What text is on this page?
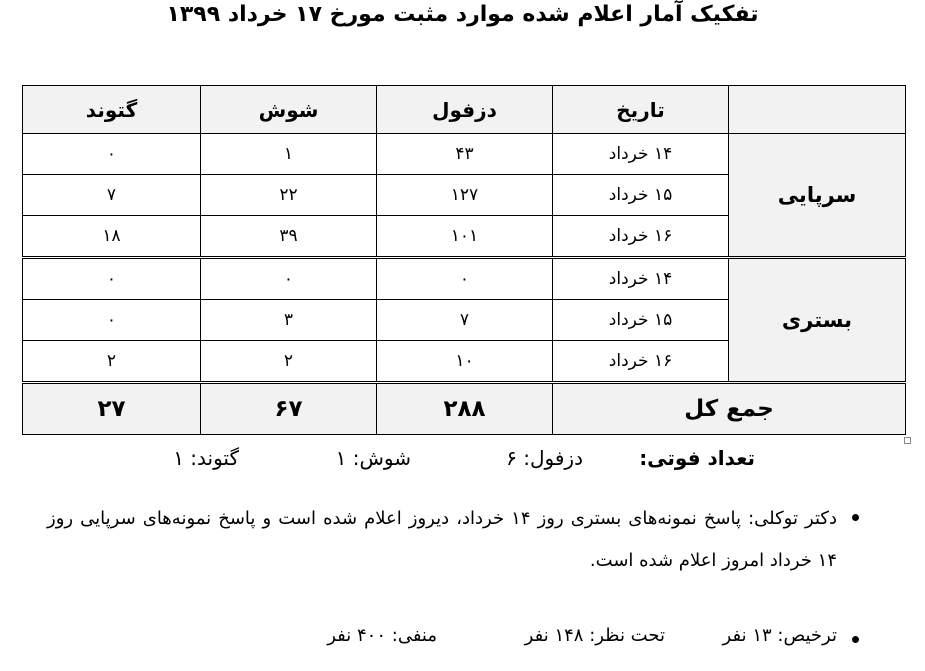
تفکیک آمار اعلام شده موارد مثبت مورخ ۱۷ خرداد ۱۳۹۹
	تاریخ	دزفول	شوش	گتوند
سرپایی	۱۴ خرداد	۴۳	۱	۰
	۱۵ خرداد	۱۲۷	۲۲	۷
	۱۶ خرداد	۱۰۱	۳۹	۱۸
بستری	۱۴ خرداد	۰	۰	۰
	۱۵ خرداد	۷	۳	۰
	۱۶ خرداد	۱۰	۲	۲
جمع کل		۲۸۸	۶۷	۲۷
تعداد فوتی:
دزفول: ۶
شوش: ۱
گتوند: ۱
دکتر توکلی: پاسخ نمونه‌های بستری روز ۱۴ خرداد، دیروز اعلام شده است و پاسخ نمونه‌های سرپایی روز ۱۴ خرداد امروز اعلام شده است.
ترخیص: ۱۳ نفر
تحت نظر: ۱۴۸ نفر
منفی: ۴۰۰ نفر
